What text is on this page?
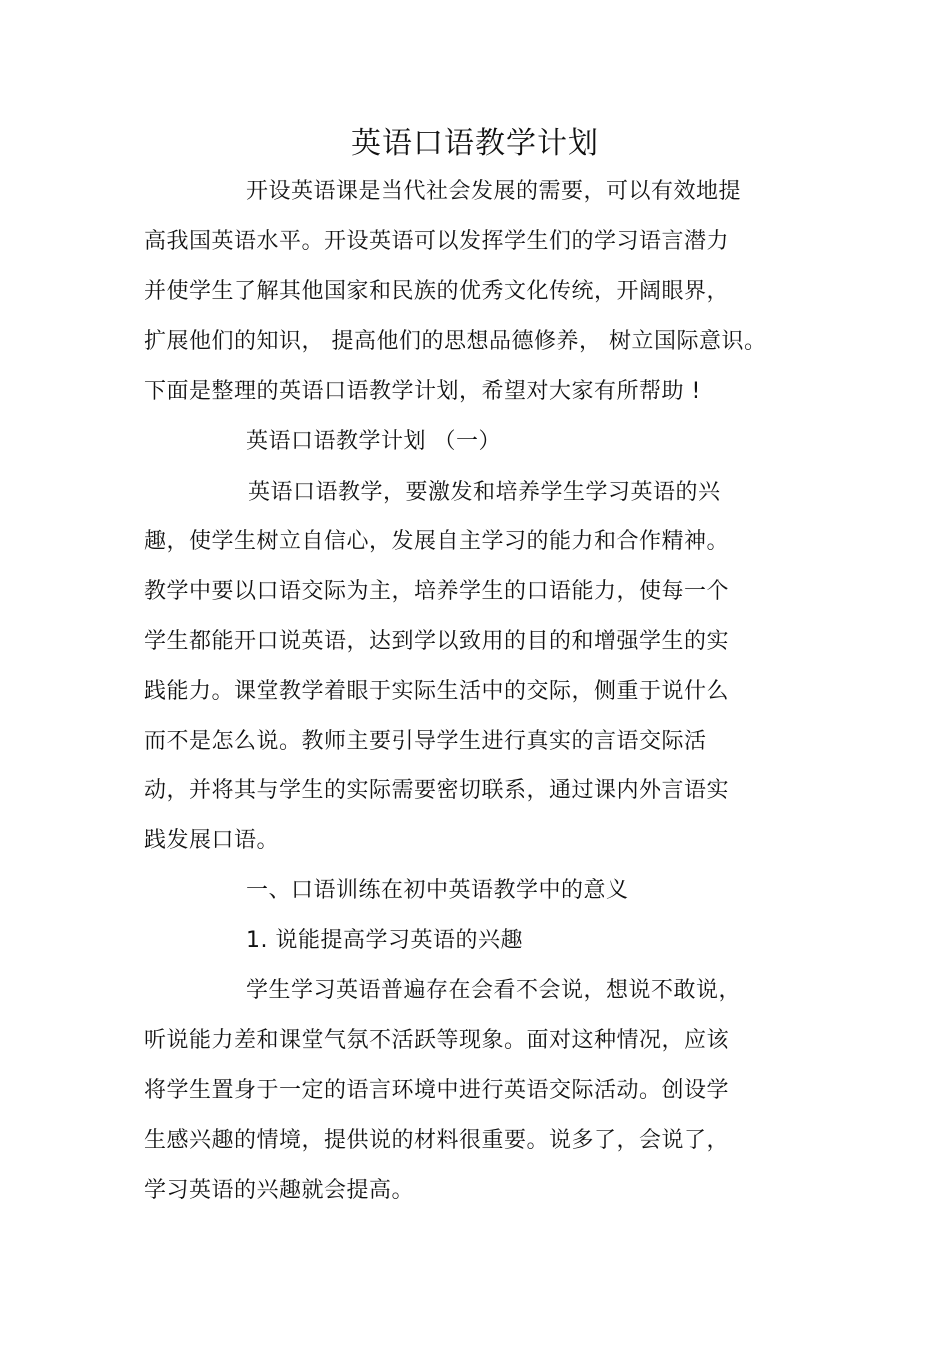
英语口语教学计划
开设英语课是当代社会发展的需要，可以有效地提
高我国英语水平。开设英语可以发挥学生们的学习语言潜力
并使学生了解其他国家和民族的优秀文化传统，开阔眼界，
扩展他们的知识， 提高他们的思想品德修养， 树立国际意识。
下面是整理的英语口语教学计划，希望对大家有所帮助 !
英语口语教学计划 （一）
英语口语教学，要激发和培养学生学习英语的兴
趣，使学生树立自信心，发展自主学习的能力和合作精神。
教学中要以口语交际为主，培养学生的口语能力，使每一个
学生都能开口说英语，达到学以致用的目的和增强学生的实
践能力。课堂教学着眼于实际生活中的交际，侧重于说什么
而不是怎么说。教师主要引导学生进行真实的言语交际活
动，并将其与学生的实际需要密切联系，通过课内外言语实
践发展口语。
一、口语训练在初中英语教学中的意义
1. 说能提高学习英语的兴趣
学生学习英语普遍存在会看不会说，想说不敢说，
听说能力差和课堂气氛不活跃等现象。面对这种情况，应该
将学生置身于一定的语言环境中进行英语交际活动。创设学
生感兴趣的情境，提供说的材料很重要。说多了，会说了，
学习英语的兴趣就会提高。
